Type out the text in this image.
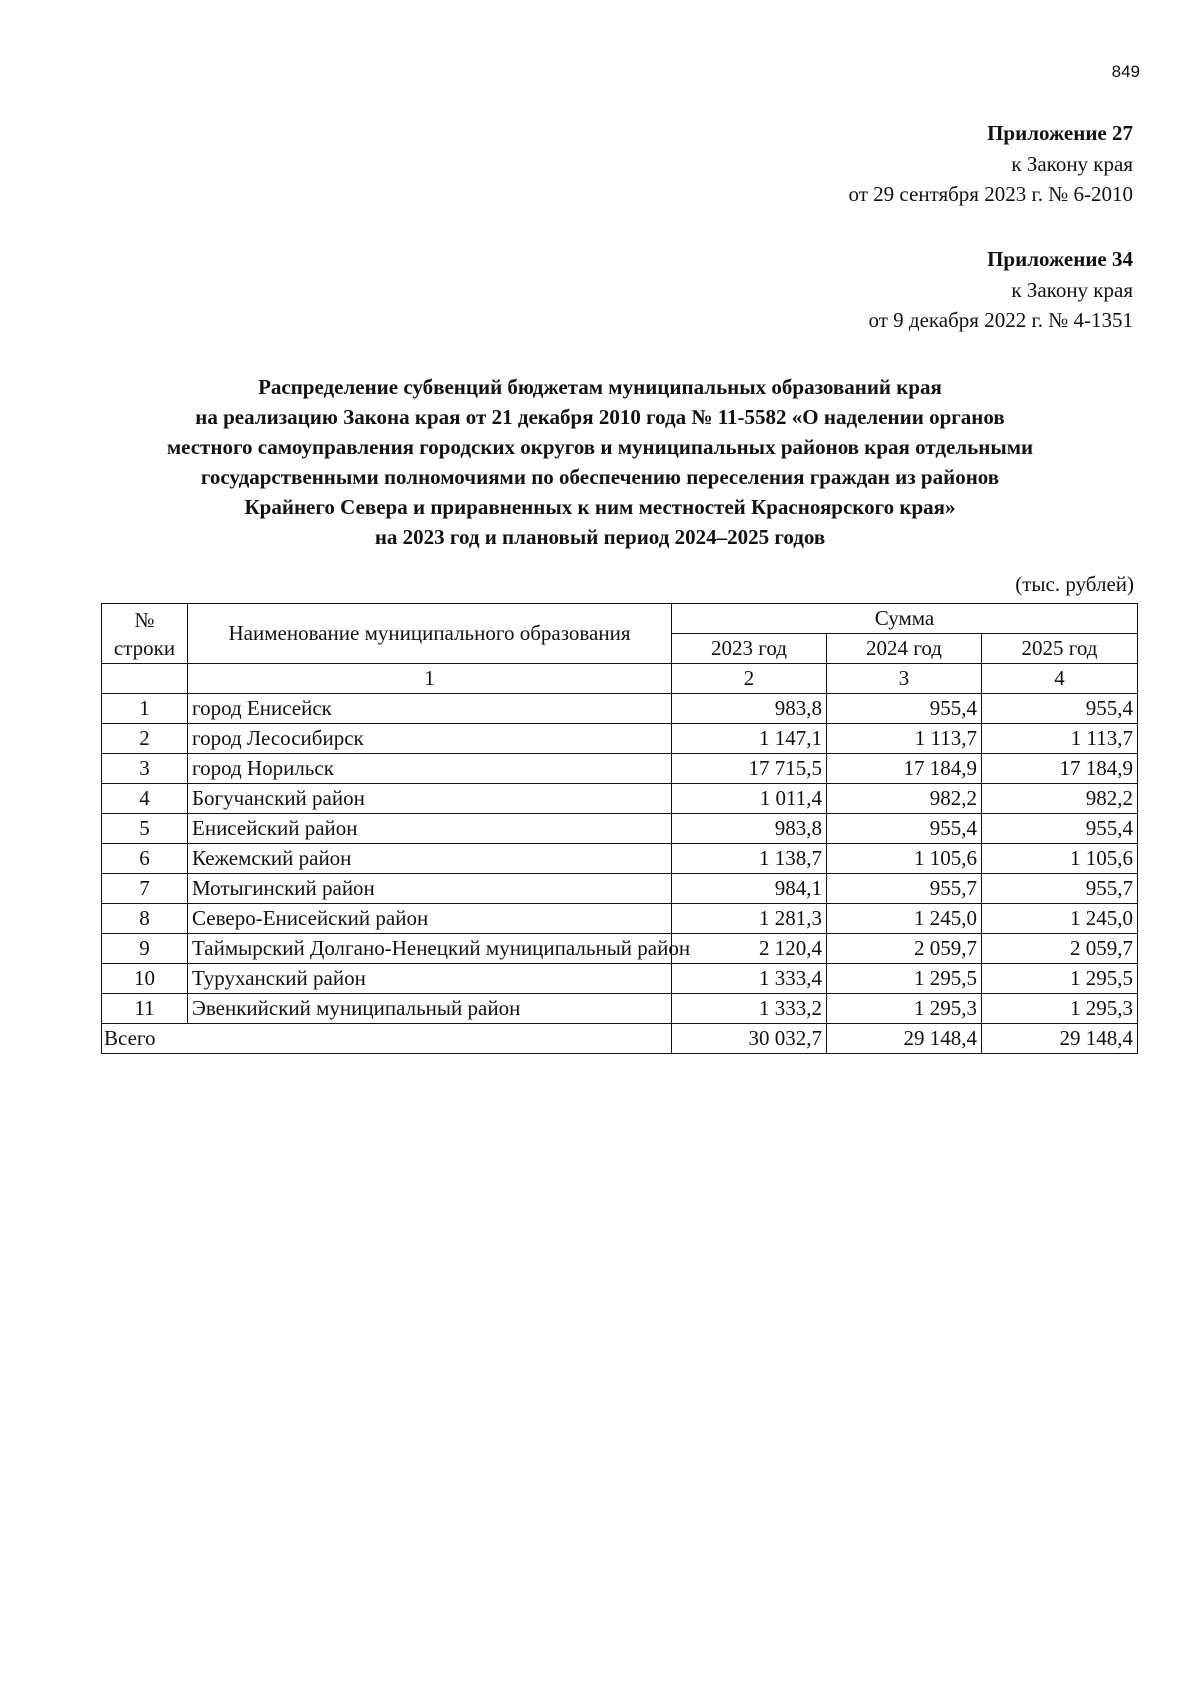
849
Приложение 27
к Закону края
от 29 сентября 2023 г. № 6-2010
Приложение 34
к Закону края
от 9 декабря 2022 г. № 4-1351
Распределение субвенций бюджетам муниципальных образований края
на реализацию Закона края от 21 декабря 2010 года № 11-5582 «О наделении органов
местного самоуправления городских округов и муниципальных районов края отдельными
государственными полномочиями по обеспечению переселения граждан из районов
Крайнего Севера и приравненных к ним местностей Красноярского края»
на 2023 год и плановый период 2024–2025 годов
(тыс. рублей)
№
строки	Наименование муниципального образования	Сумма		
		2023 год	2024 год	2025 год
	1	2	3	4
1	город Енисейск	983,8	955,4	955,4
2	город Лесосибирск	1 147,1	1 113,7	1 113,7
3	город Норильск	17 715,5	17 184,9	17 184,9
4	Богучанский район	1 011,4	982,2	982,2
5	Енисейский район	983,8	955,4	955,4
6	Кежемский район	1 138,7	1 105,6	1 105,6
7	Мотыгинский район	984,1	955,7	955,7
8	Северо-Енисейский район	1 281,3	1 245,0	1 245,0
9	Таймырский Долгано-Ненецкий муниципальный район	2 120,4	2 059,7	2 059,7
10	Туруханский район	1 333,4	1 295,5	1 295,5
11	Эвенкийский муниципальный район	1 333,2	1 295,3	1 295,3
Всего		30 032,7	29 148,4	29 148,4
